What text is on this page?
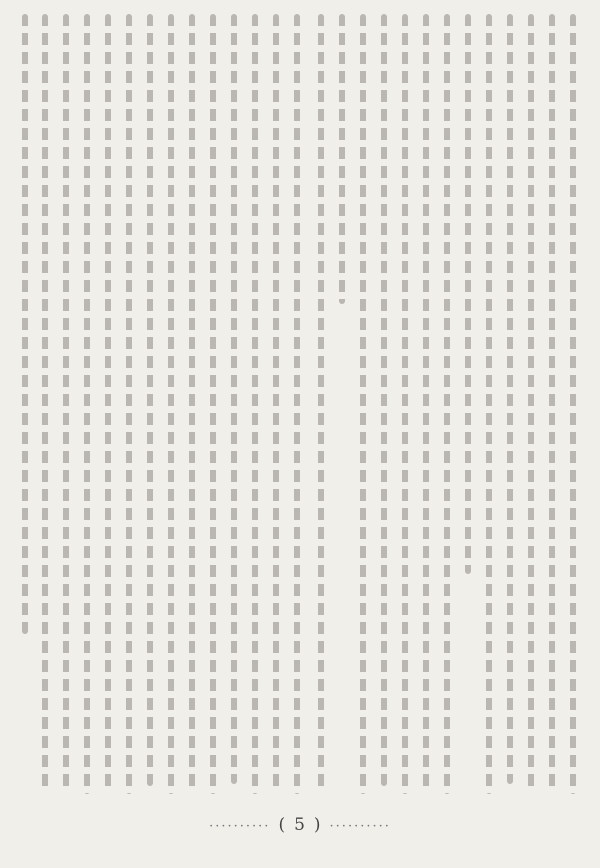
·········· ( 5 ) ··········
